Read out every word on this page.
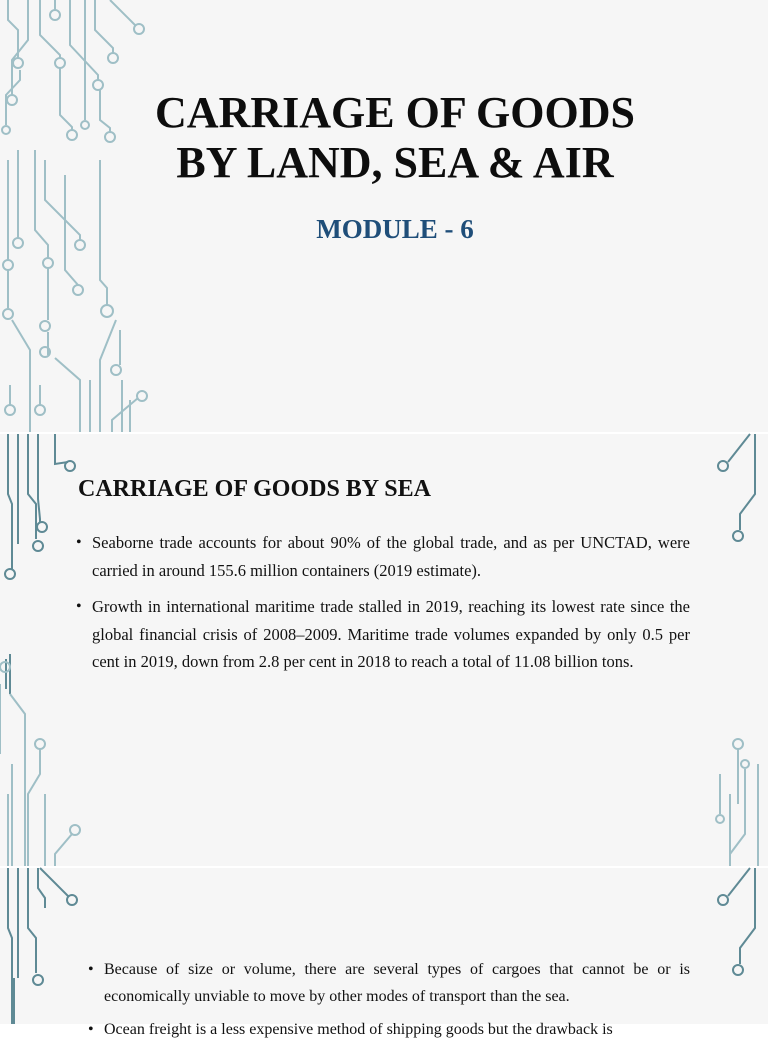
CARRIAGE OF GOODS
BY LAND, SEA & AIR
MODULE - 6
CARRIAGE OF GOODS BY SEA
• Seaborne trade accounts for about 90% of the global trade, and as per UNCTAD, were carried in around 155.6 million containers (2019 estimate).
• Growth in international maritime trade stalled in 2019, reaching its lowest rate since the global financial crisis of 2008–2009. Maritime trade volumes expanded by only 0.5 per cent in 2019, down from 2.8 per cent in 2018 to reach a total of 11.08 billion tons.
• Because of size or volume, there are several types of cargoes that cannot be or is economically unviable to move by other modes of transport than the sea.
• Ocean freight is a less expensive method of shipping goods but the drawback is
